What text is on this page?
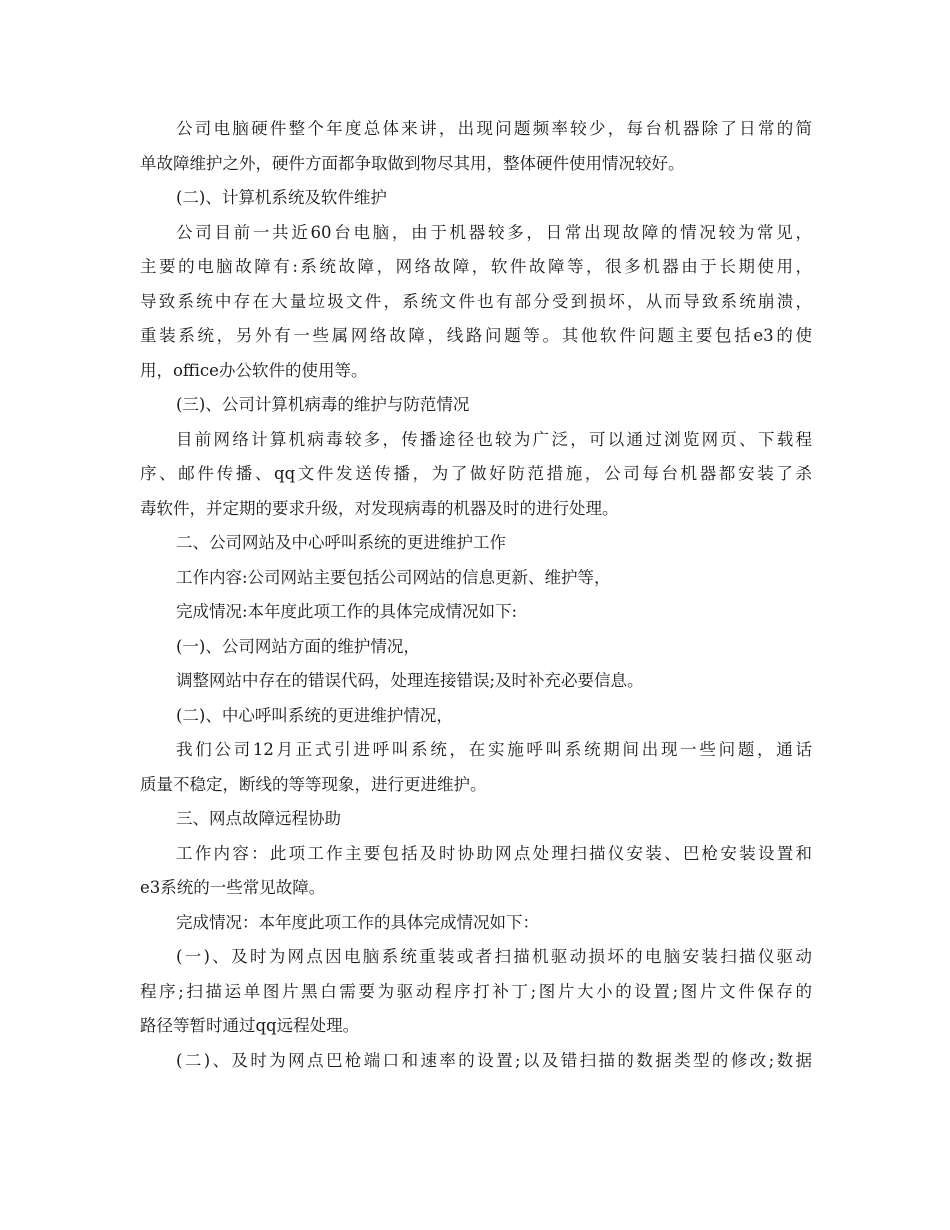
公司电脑硬件整个年度总体来讲，出现问题频率较少，每台机器除了日常的简
单故障维护之外，硬件方面都争取做到物尽其用，整体硬件使用情况较好。
(二)、计算机系统及软件维护
公司目前一共近60台电脑，由于机器较多，日常出现故障的情况较为常见，
主要的电脑故障有:系统故障，网络故障，软件故障等，很多机器由于长期使用，
导致系统中存在大量垃圾文件，系统文件也有部分受到损坏，从而导致系统崩溃，
重装系统，另外有一些属网络故障，线路问题等。其他软件问题主要包括e3的使
用，office办公软件的使用等。
(三)、公司计算机病毒的维护与防范情况
目前网络计算机病毒较多，传播途径也较为广泛，可以通过浏览网页、下载程
序、邮件传播、qq文件发送传播，为了做好防范措施，公司每台机器都安装了杀
毒软件，并定期的要求升级，对发现病毒的机器及时的进行处理。
二、公司网站及中心呼叫系统的更进维护工作
工作内容:公司网站主要包括公司网站的信息更新、维护等，
完成情况:本年度此项工作的具体完成情况如下:
(一)、公司网站方面的维护情况，
调整网站中存在的错误代码，处理连接错误;及时补充必要信息。
(二)、中心呼叫系统的更进维护情况，
我们公司12月正式引进呼叫系统，在实施呼叫系统期间出现一些问题，通话
质量不稳定，断线的等等现象，进行更进维护。
三、网点故障远程协助
工作内容：此项工作主要包括及时协助网点处理扫描仪安装、巴枪安装设置和
e3系统的一些常见故障。
完成情况：本年度此项工作的具体完成情况如下：
(一)、及时为网点因电脑系统重装或者扫描机驱动损坏的电脑安装扫描仪驱动
程序;扫描运单图片黑白需要为驱动程序打补丁;图片大小的设置;图片文件保存的
路径等暂时通过qq远程处理。
(二)、及时为网点巴枪端口和速率的设置;以及错扫描的数据类型的修改;数据
